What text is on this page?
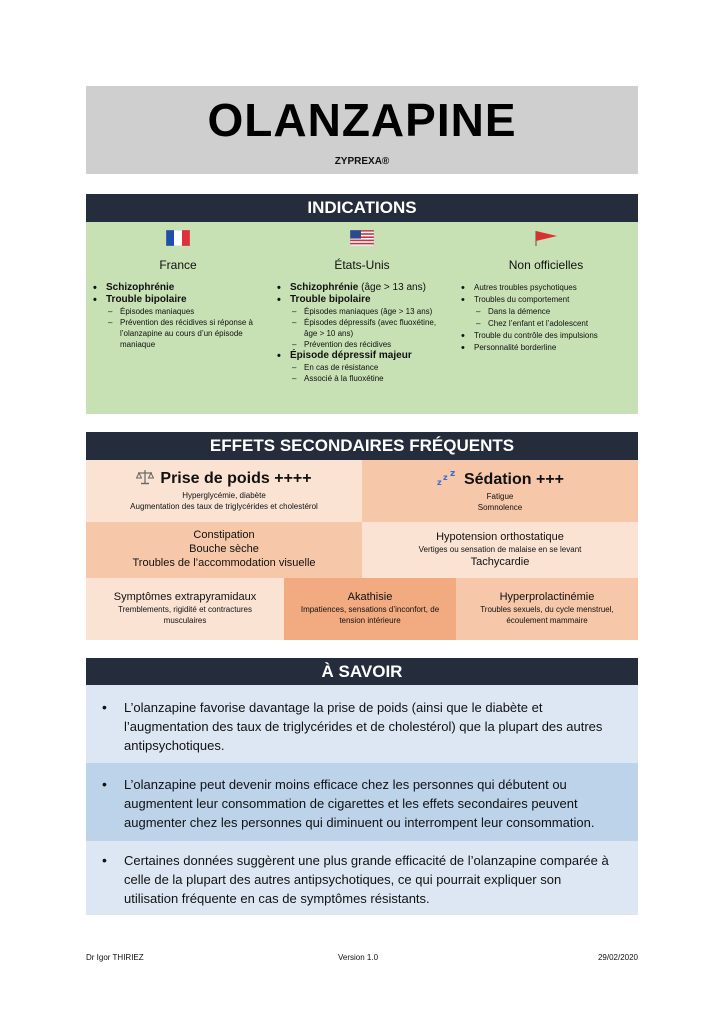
OLANZAPINE
ZYPREXA®
INDICATIONS
France
• Schizophrénie
• Trouble bipolaire
– Épisodes maniaques
– Prévention des récidives si réponse à l’olanzapine au cours d’un épisode maniaque
États-Unis
• Schizophrénie (âge > 13 ans)
• Trouble bipolaire
– Épisodes maniaques (âge > 13 ans)
– Épisodes dépressifs (avec fluoxétine, âge > 10 ans)
– Prévention des récidives
• Épisode dépressif majeur
– En cas de résistance
– Associé à la fluoxétine
Non officielles
• Autres troubles psychotiques
• Troubles du comportement
– Dans la démence
– Chez l’enfant et l’adolescent
• Trouble du contrôle des impulsions
• Personnalité borderline
EFFETS SECONDAIRES FRÉQUENTS
Prise de poids ++++
Hyperglycémie, diabète
Augmentation des taux de triglycérides et cholestérol
z
z z Sédation +++
Fatigue
Somnolence
Constipation
Bouche sèche
Troubles de l’accommodation visuelle
Hypotension orthostatique
Vertiges ou sensation de malaise en se levant
Tachycardie
Symptômes extrapyramidaux
Tremblements, rigidité et contractures musculaires
Akathisie
Impatiences, sensations d’inconfort, de tension intérieure
Hyperprolactinémie
Troubles sexuels, du cycle menstruel, écoulement mammaire
À SAVOIR
• L’olanzapine favorise davantage la prise de poids (ainsi que le diabète et l’augmentation des taux de triglycérides et de cholestérol) que la plupart des autres antipsychotiques.
• L’olanzapine peut devenir moins efficace chez les personnes qui débutent ou augmentent leur consommation de cigarettes et les effets secondaires peuvent augmenter chez les personnes qui diminuent ou interrompent leur consommation.
• Certaines données suggèrent une plus grande efficacité de l’olanzapine comparée à celle de la plupart des autres antipsychotiques, ce qui pourrait expliquer son utilisation fréquente en cas de symptômes résistants.
Dr Igor THIRIEZ	Version 1.0	29/02/2020
